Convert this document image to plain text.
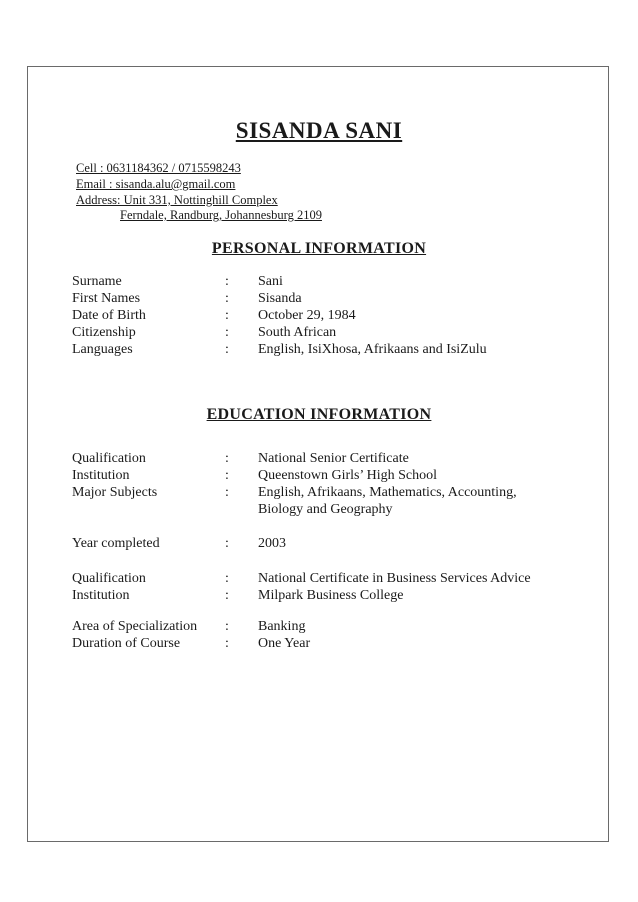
SISANDA SANI
Cell : 0631184362 / 0715598243
Email : sisanda.alu@gmail.com
Address: Unit 331, Nottinghill Complex
Ferndale, Randburg, Johannesburg 2109
PERSONAL INFORMATION
Surname	: Sani
First Names	: Sisanda
Date of Birth	: October 29, 1984
Citizenship	: South African
Languages	: English, IsiXhosa, Afrikaans and IsiZulu
EDUCATION INFORMATION
Qualification	: National Senior Certificate
Institution	: Queenstown Girls’ High School
Major Subjects	: English, Afrikaans, Mathematics, Accounting, Biology and Geography
Year completed	: 2003
Qualification	: National Certificate in Business Services Advice
Institution	: Milpark Business College
Area of Specialization : Banking
Duration of Course	: One Year
